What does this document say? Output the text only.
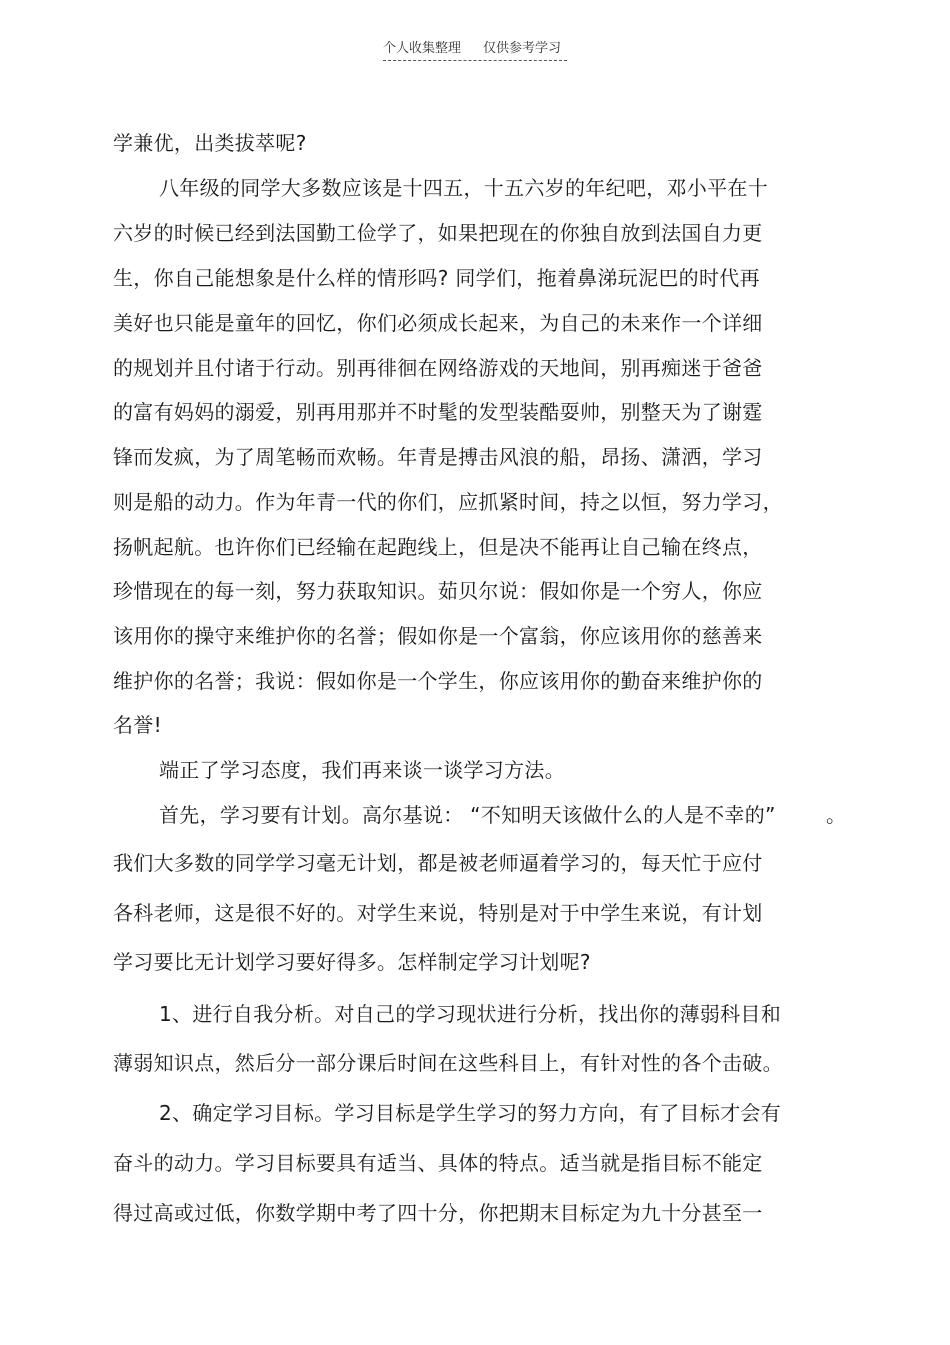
个人收集整理 仅供参考学习
学兼优，出类拔萃呢?
八年级的同学大多数应该是十四五，十五六岁的年纪吧，邓小平在十
六岁的时候已经到法国勤工俭学了，如果把现在的你独自放到法国自力更
生，你自己能想象是什么样的情形吗? 同学们，拖着鼻涕玩泥巴的时代再
美好也只能是童年的回忆，你们必须成长起来，为自己的未来作一个详细
的规划并且付诸于行动。别再徘徊在网络游戏的天地间，别再痴迷于爸爸
的富有妈妈的溺爱，别再用那并不时髦的发型装酷耍帅，别整天为了谢霆
锋而发疯，为了周笔畅而欢畅。年青是搏击风浪的船，昂扬、潇洒，学习
则是船的动力。作为年青一代的你们，应抓紧时间，持之以恒，努力学习，
扬帆起航。也许你们已经输在起跑线上，但是决不能再让自己输在终点，
珍惜现在的每一刻，努力获取知识。茹贝尔说：假如你是一个穷人，你应
该用你的操守来维护你的名誉；假如你是一个富翁，你应该用你的慈善来
维护你的名誉；我说：假如你是一个学生，你应该用你的勤奋来维护你的
名誉!
端正了学习态度，我们再来谈一谈学习方法。
首先，学习要有计划。高尔基说： “不知明天该做什么的人是不幸的”	。
我们大多数的同学学习毫无计划，都是被老师逼着学习的，每天忙于应付
各科老师，这是很不好的。对学生来说，特别是对于中学生来说，有计划
学习要比无计划学习要好得多。怎样制定学习计划呢?
1、进行自我分析。对自己的学习现状进行分析，找出你的薄弱科目和
薄弱知识点，然后分一部分课后时间在这些科目上，有针对性的各个击破。
2、确定学习目标。学习目标是学生学习的努力方向，有了目标才会有
奋斗的动力。学习目标要具有适当、具体的特点。适当就是指目标不能定
得过高或过低，你数学期中考了四十分，你把期末目标定为九十分甚至一
